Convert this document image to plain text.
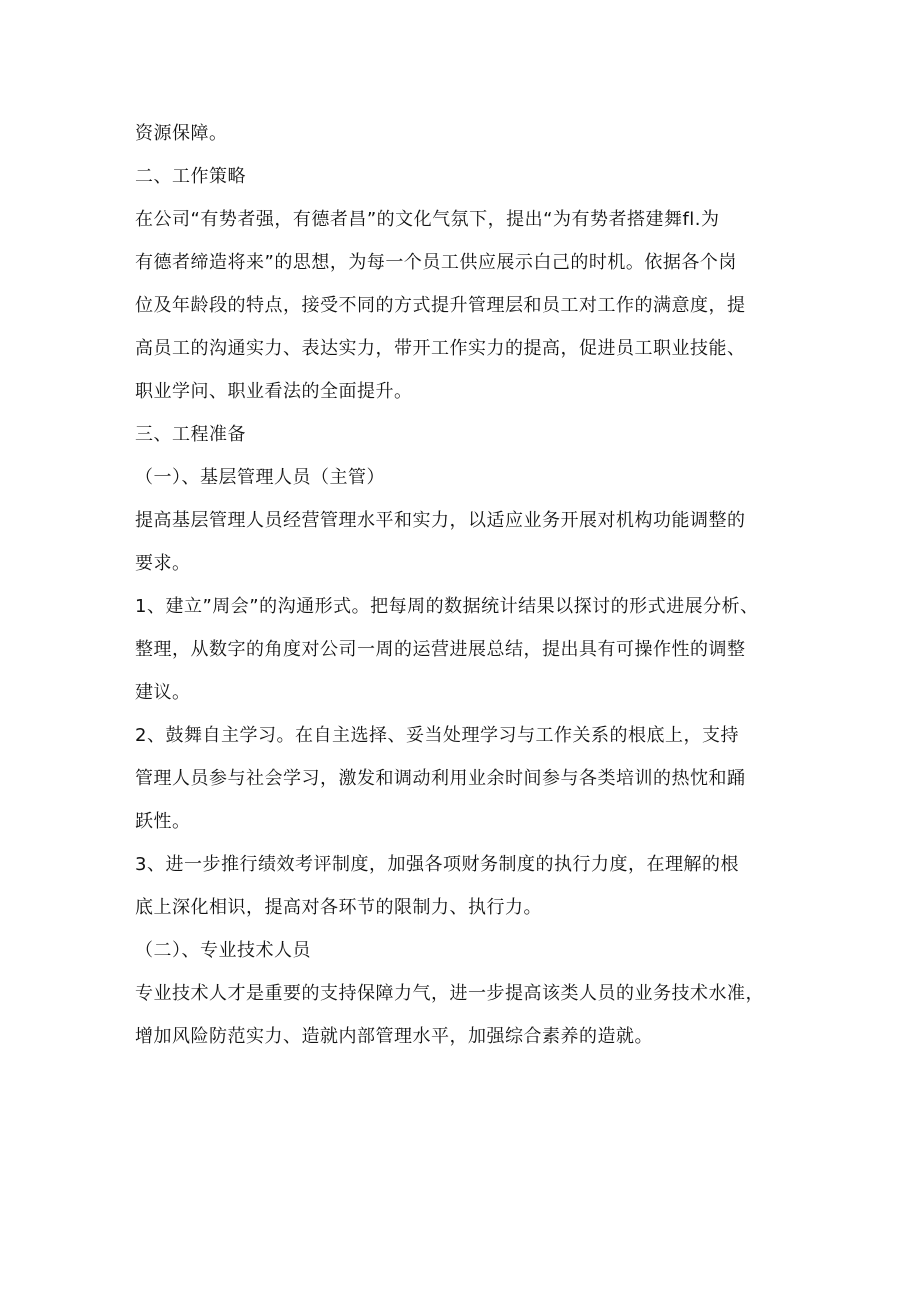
资源保障。
二、工作策略
在公司“有势者强，有德者昌”的文化气氛下，提出“为有势者搭建舞fl.为
有德者缔造将来”的思想，为每一个员工供应展示白己的时机。依据各个岗
位及年龄段的特点，接受不同的方式提升管理层和员工对工作的满意度，提
高员工的沟通实力、表达实力，带开工作实力的提高，促进员工职业技能、
职业学问、职业看法的全面提升。
三、工程准备
（一）、基层管理人员（主管）
提高基层管理人员经营管理水平和实力，以适应业务开展对机构功能调整的
要求。
1、建立”周会”的沟通形式。把每周的数据统计结果以探讨的形式进展分析、
整理，从数字的角度对公司一周的运营进展总结，提出具有可操作性的调整
建议。
2、鼓舞自主学习。在自主选择、妥当处理学习与工作关系的根底上，支持
管理人员参与社会学习，激发和调动利用业余时间参与各类培训的热忱和踊
跃性。
3、进一步推行绩效考评制度，加强各项财务制度的执行力度，在理解的根
底上深化相识，提高对各环节的限制力、执行力。
（二）、专业技术人员
专业技术人才是重要的支持保障力气，进一步提高该类人员的业务技术水准，
增加风险防范实力、造就内部管理水平，加强综合素养的造就。
